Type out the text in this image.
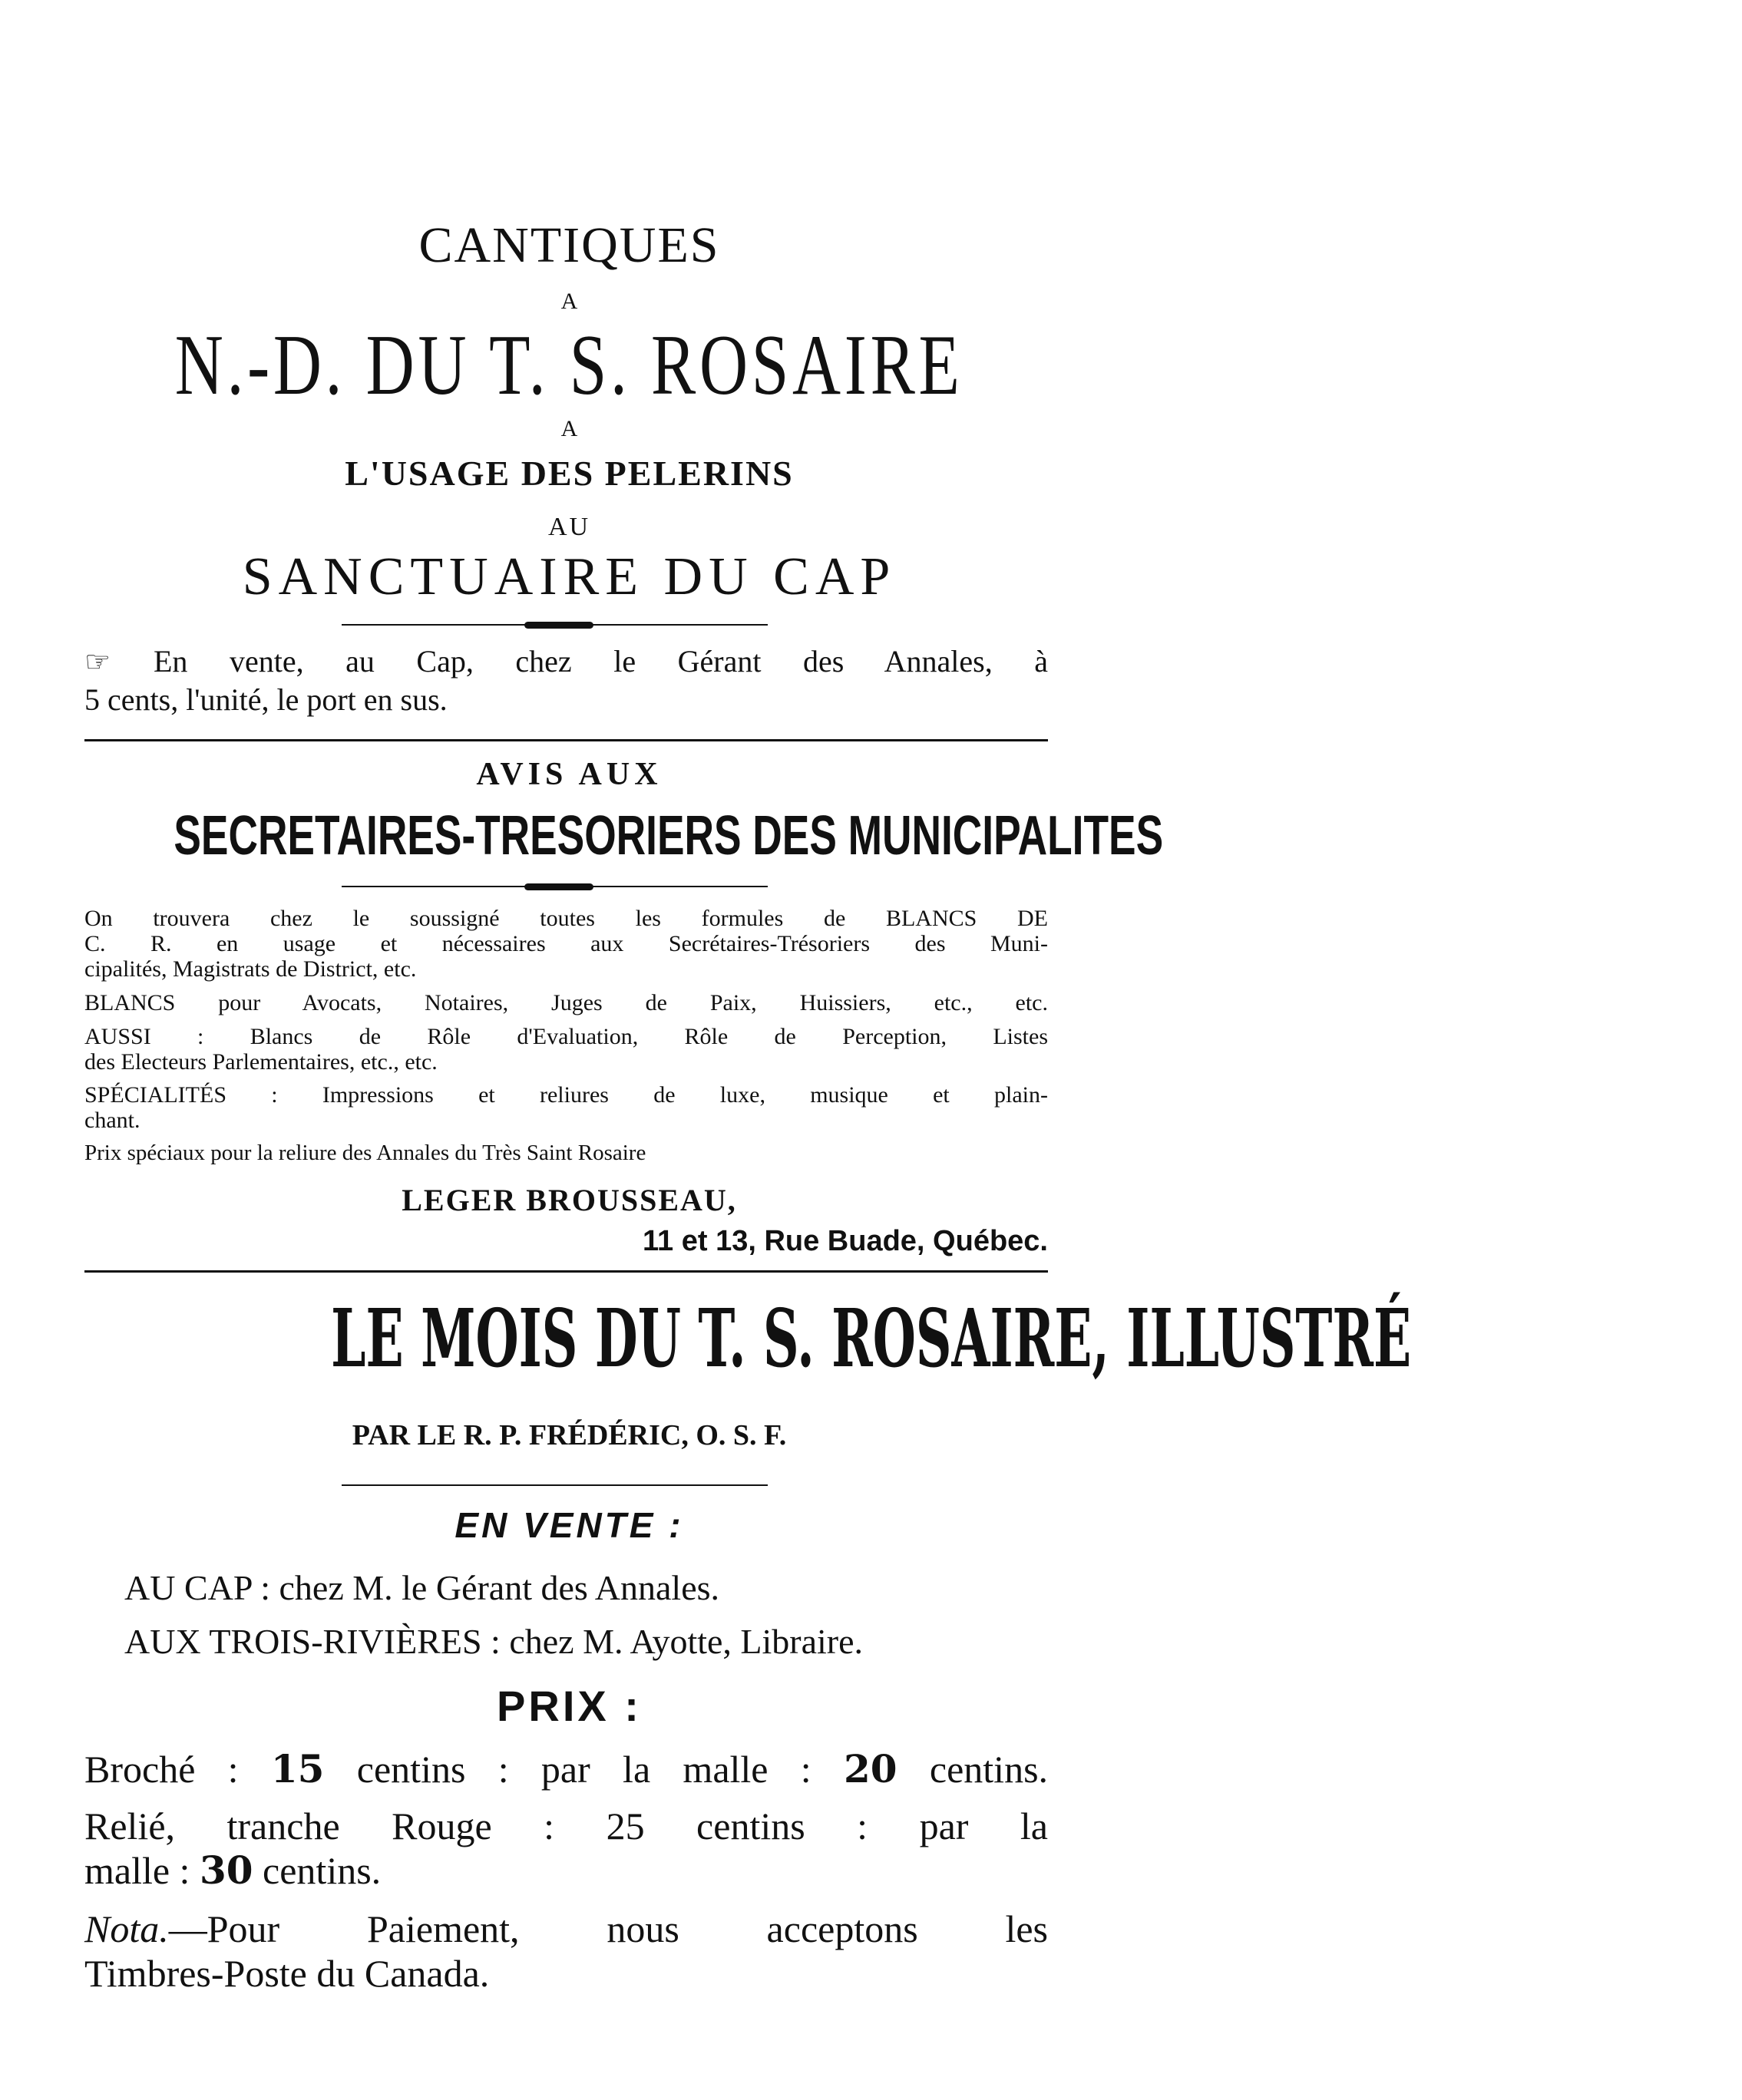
CANTIQUES
A
N.-D. DU T. S. ROSAIRE
A
L'USAGE DES PELERINS
AU
SANCTUAIRE DU CAP
☞ En vente, au Cap, chez le Gérant des Annales, à
5 cents, l'unité, le port en sus.
AVIS AUX
SECRETAIRES-TRESORIERS DES MUNICIPALITES
On trouvera chez le soussigné toutes les formules de BLANCS DE
C. R. en usage et nécessaires aux Secrétaires-Trésoriers des Muni-
cipalités, Magistrats de District, etc.
BLANCS pour Avocats, Notaires, Juges de Paix, Huissiers, etc., etc.
AUSSI : Blancs de Rôle d'Evaluation, Rôle de Perception, Listes
des Electeurs Parlementaires, etc., etc.
SPÉCIALITÉS : Impressions et reliures de luxe, musique et plain-
chant.
Prix spéciaux pour la reliure des Annales du Très Saint Rosaire
LEGER BROUSSEAU,
11 et 13, Rue Buade, Québec.
LE MOIS DU T. S. ROSAIRE, ILLUSTRÉ
PAR LE R. P. FRÉDÉRIC, O. S. F.
EN VENTE :
AU CAP : chez M. le Gérant des Annales.
AUX TROIS-RIVIÈRES : chez M. Ayotte, Libraire.
PRIX :
Broché : 15 centins : par la malle : 20 centins.
Relié, tranche Rouge : 25 centins : par la
malle : 30 centins.
Nota.—Pour Paiement, nous acceptons les
Timbres-Poste du Canada.
